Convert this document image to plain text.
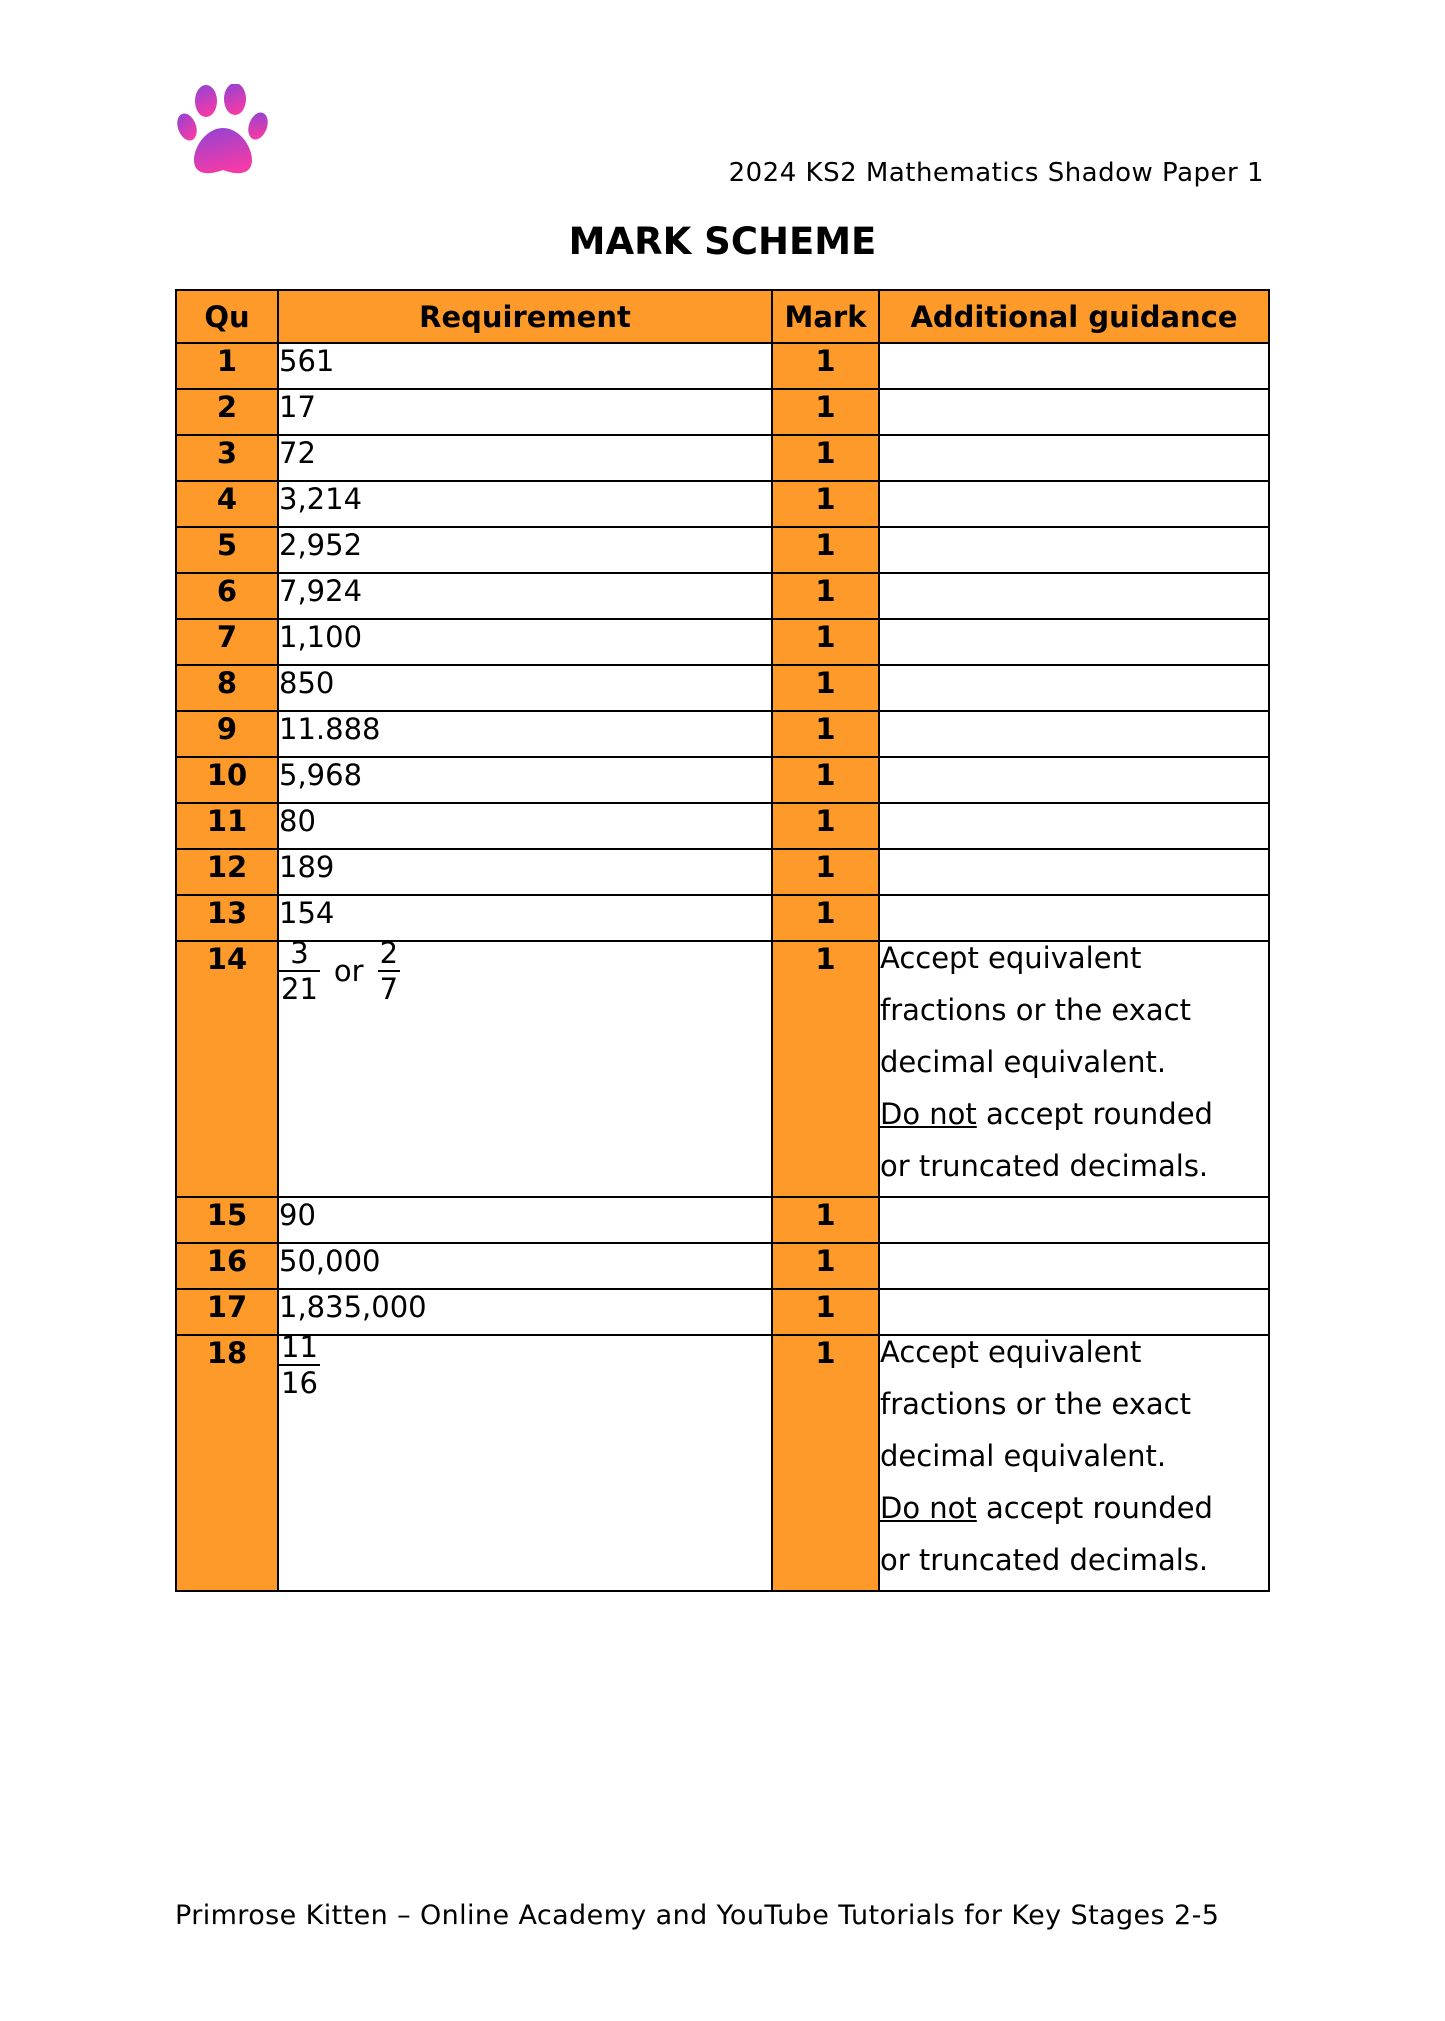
2024 KS2 Mathematics Shadow Paper 1
MARK SCHEME
Qu	Requirement	Mark	Additional guidance
1	561	1	
2	17	1	
3	72	1	
4	3,214	1	
5	2,952	1	
6	7,924	1	
7	1,100	1	
8	850	1	
9	11.888	1	
10	5,968	1	
11	80	1	
12	189	1	
13	154	1	
14	$\frac{3}{21}$ or $\frac{2}{7}$	1	Accept equivalent
fractions or the exact
decimal equivalent.
Do not accept rounded
or truncated decimals.

15	90	1	
16	50,000	1	
17	1,835,000	1	
18	$\frac{11}{16}$	1	Accept equivalent
fractions or the exact
decimal equivalent.
Do not accept rounded
or truncated decimals.
Primrose Kitten – Online Academy and YouTube Tutorials for Key Stages 2-5
